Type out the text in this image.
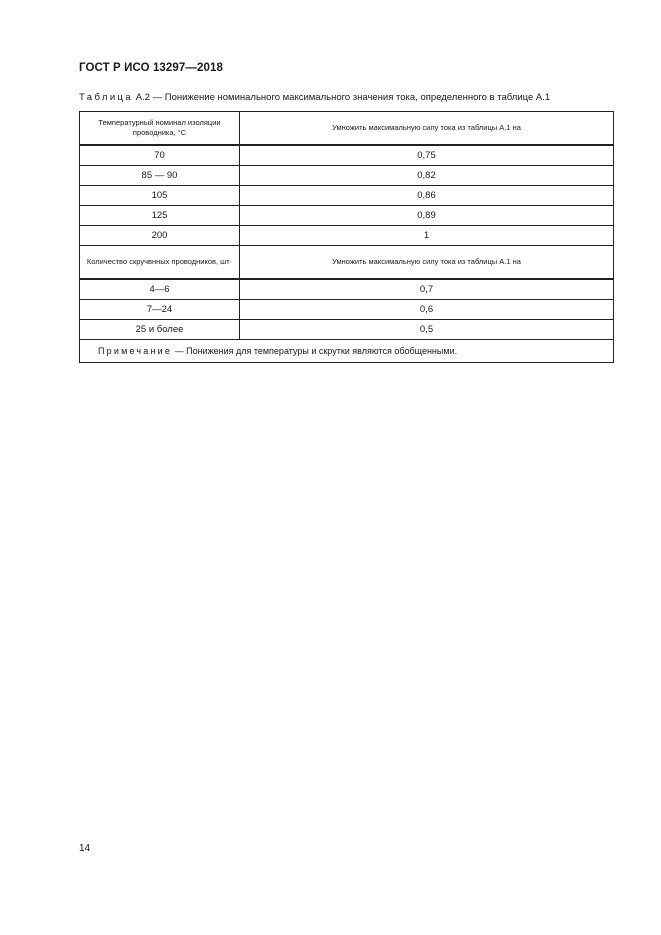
ГОСТ Р ИСО 13297—2018
Таблица А.2 — Понижение номинального максимального значения тока, определенного в таблице А.1
Температурный номинал изоляции проводника, °С	Умножить максимальную силу тока из таблицы А.1 на
70	0,75
85 — 90	0,82
105	0,86
125	0,89
200	1
Количество скручвнных проводников, шт·	Умножить максимальную силу тока из таблицы А.1 на
4—6	0,7
7—24	0,6
25 и более	0,5
Примечание — Понижения для температуры и скрутки являются обобщенными.	
14
